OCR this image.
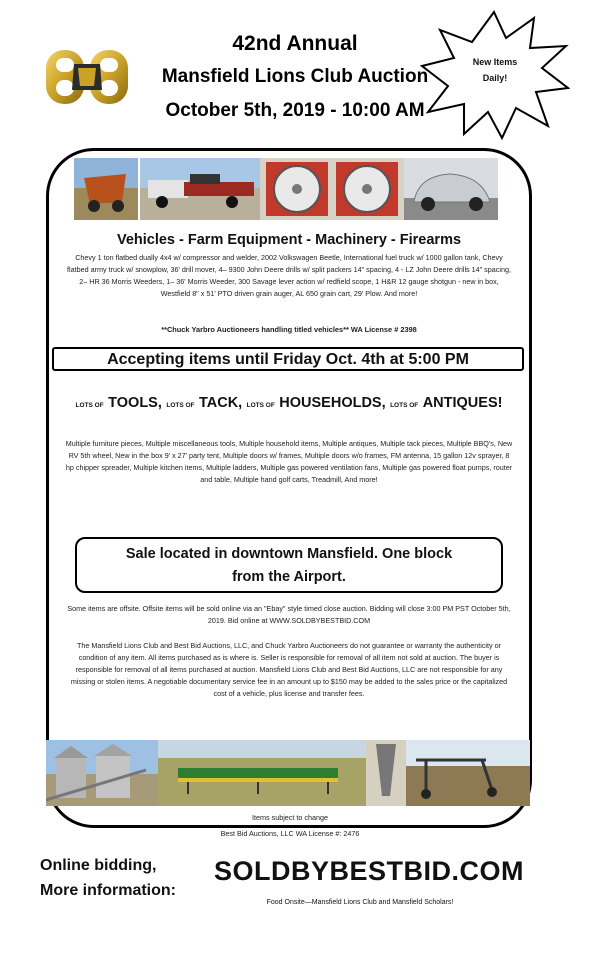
42nd Annual
Mansfield Lions Club Auction
October 5th, 2019 - 10:00 AM
New Items
Daily!
Vehicles - Farm Equipment - Machinery - Firearms
Chevy 1 ton flatbed dually 4x4 w/ compressor and welder, 2002 Volkswagen Beetle, International fuel truck w/ 1000 gallon tank, Chevy flatbed army truck w/ snowplow, 36' drill mover, 4– 9300 John Deere drills w/ split packers 14" spacing, 4 - LZ John Deere drills 14" spacing, 2– HR 36 Morris Weeders, 1– 36' Morris Weeder, 300 Savage lever action w/ redfield scope, 1 H&R 12 gauge shotgun - new in box, Westfield 8" x 51' PTO driven grain auger, AL 650 grain cart, 29' Plow. And more!
**Chuck Yarbro Auctioneers handling titled vehicles** WA License # 2398
Accepting items until Friday Oct. 4th at 5:00 PM
LOTS OF TOOLS, LOTS OF TACK, LOTS OF HOUSEHOLDS, LOTS OF ANTIQUES!
Multiple furniture pieces, Multiple miscellaneous tools, Multiple household items, Multiple antiques, Multiple tack pieces, Multiple BBQ's, New RV 5th wheel, New in the box 9' x 27' party tent, Multiple doors w/ frames, Multiple doors w/o frames, FM antenna, 15 gallon 12v sprayer, 8 hp chipper spreader, Multiple kitchen items, Multiple ladders, Multiple gas powered ventilation fans, Multiple gas powered float pumps, router and table, Multiple hand golf carts, Treadmill, And more!
Sale located in downtown Mansfield. One block
from the Airport.
Some items are offsite. Offsite items will be sold online via an "Ebay" style timed close auction. Bidding will close 3:00 PM PST October 5th, 2019. Bid online at WWW.SOLDBYBESTBID.COM
The Mansfield Lions Club and Best Bid Auctions, LLC, and Chuck Yarbro Auctioneers do not guarantee or warranty the authenticity or condition of any item. All items purchased as is where is. Seller is responsible for removal of all item not sold at auction. The buyer is responsible for removal of all items purchased at auction. Mansfield Lions Club and Best Bid Auctions, LLC are not responsible for any missing or stolen items. A negotiable documentary service fee in an amount up to $150 may be added to the sales price or the capitalized cost of a vehicle, plus license and transfer fees.
Items subject to change
Best Bid Auctions, LLC WA License #: 2476
Online bidding,
More information:
SOLDBYBESTBID.COM
Food Onsite—Mansfield Lions Club and Mansfield Scholars!
